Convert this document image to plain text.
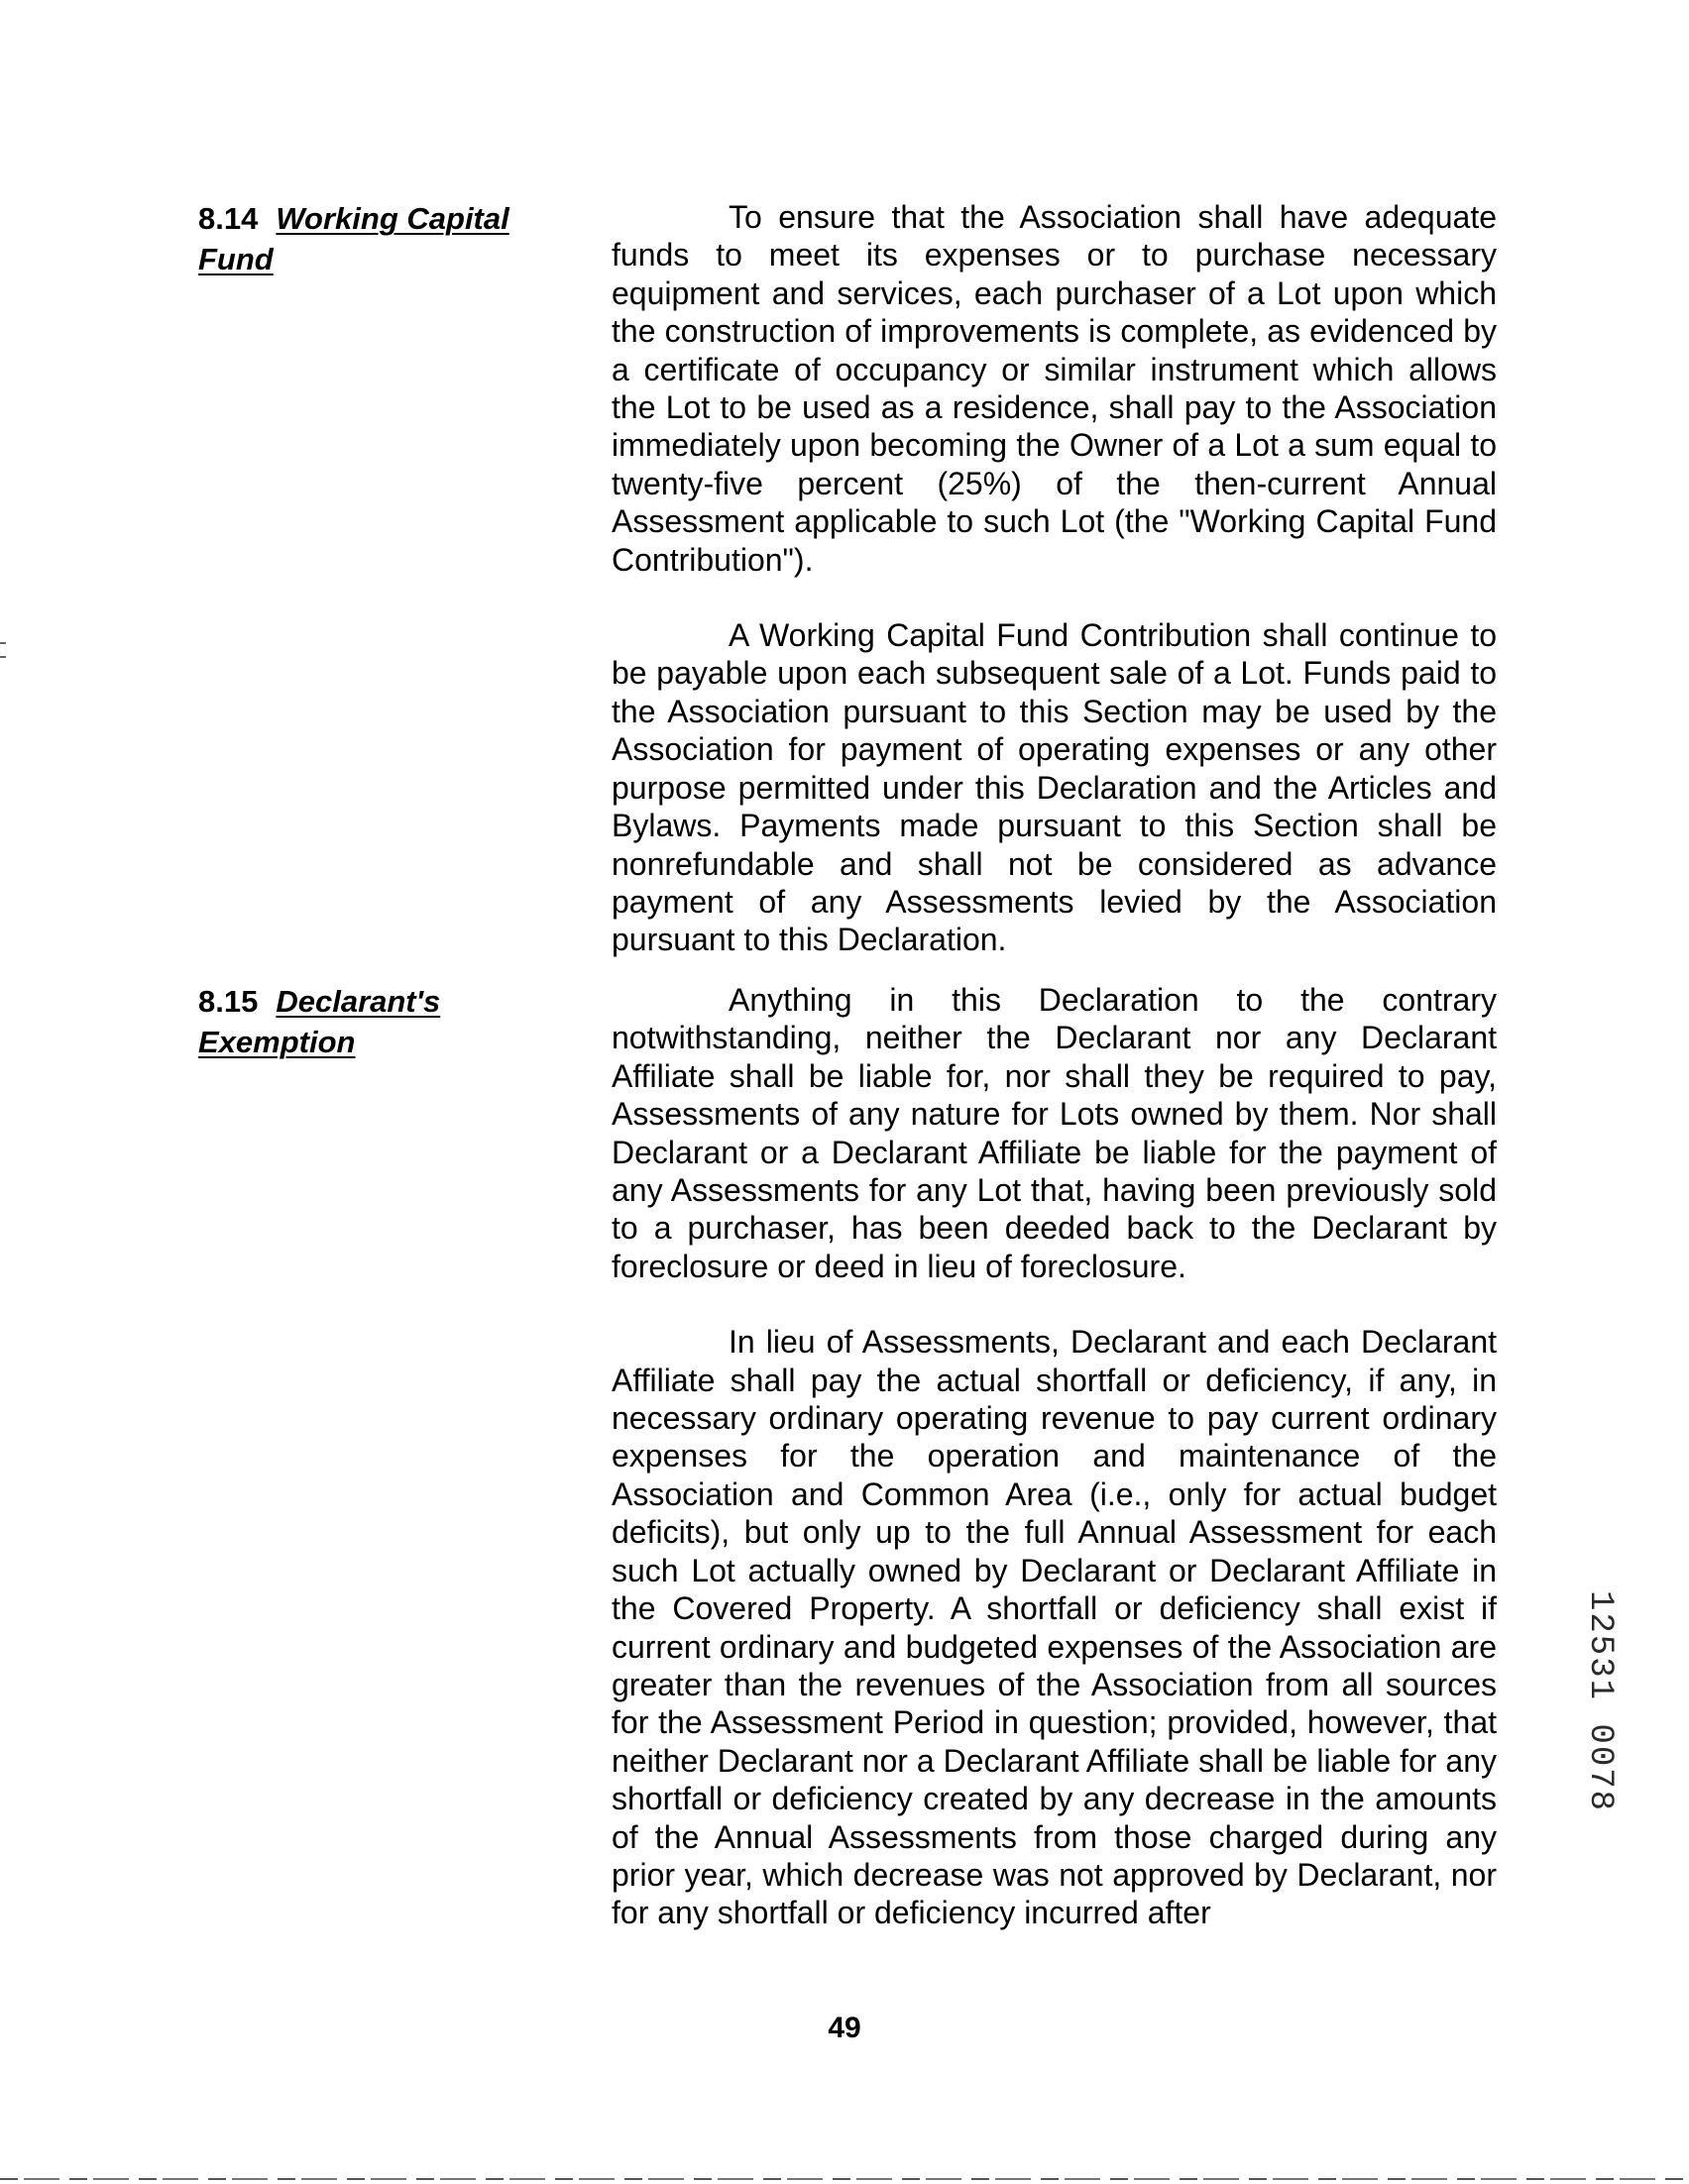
8.14 Working Capital Fund

To ensure that the Association shall have adequate funds to meet its expenses or to purchase necessary equipment and services, each purchaser of a Lot upon which the construction of improvements is complete, as evidenced by a certificate of occupancy or similar instrument which allows the Lot to be used as a residence, shall pay to the Association immediately upon becoming the Owner of a Lot a sum equal to twenty-five percent (25%) of the then-current Annual Assessment applicable to such Lot (the "Working Capital Fund Contribution").

A Working Capital Fund Contribution shall continue to be payable upon each subsequent sale of a Lot. Funds paid to the Association pursuant to this Section may be used by the Association for payment of operating expenses or any other purpose permitted under this Declaration and the Articles and Bylaws. Payments made pursuant to this Section shall be nonrefundable and shall not be considered as advance payment of any Assessments levied by the Association pursuant to this Declaration.

8.15 Declarant's Exemption

Anything in this Declaration to the contrary notwithstanding, neither the Declarant nor any Declarant Affiliate shall be liable for, nor shall they be required to pay, Assessments of any nature for Lots owned by them. Nor shall Declarant or a Declarant Affiliate be liable for the payment of any Assessments for any Lot that, having been previously sold to a purchaser, has been deeded back to the Declarant by foreclosure or deed in lieu of foreclosure.

In lieu of Assessments, Declarant and each Declarant Affiliate shall pay the actual shortfall or deficiency, if any, in necessary ordinary operating revenue to pay current ordinary expenses for the operation and maintenance of the Association and Common Area (i.e., only for actual budget deficits), but only up to the full Annual Assessment for each such Lot actually owned by Declarant or Declarant Affiliate in the Covered Property. A shortfall or deficiency shall exist if current ordinary and budgeted expenses of the Association are greater than the revenues of the Association from all sources for the Assessment Period in question; provided, however, that neither Declarant nor a Declarant Affiliate shall be liable for any shortfall or deficiency created by any decrease in the amounts of the Annual Assessments from those charged during any prior year, which decrease was not approved by Declarant, nor for any shortfall or deficiency incurred after

12531 0078
49
